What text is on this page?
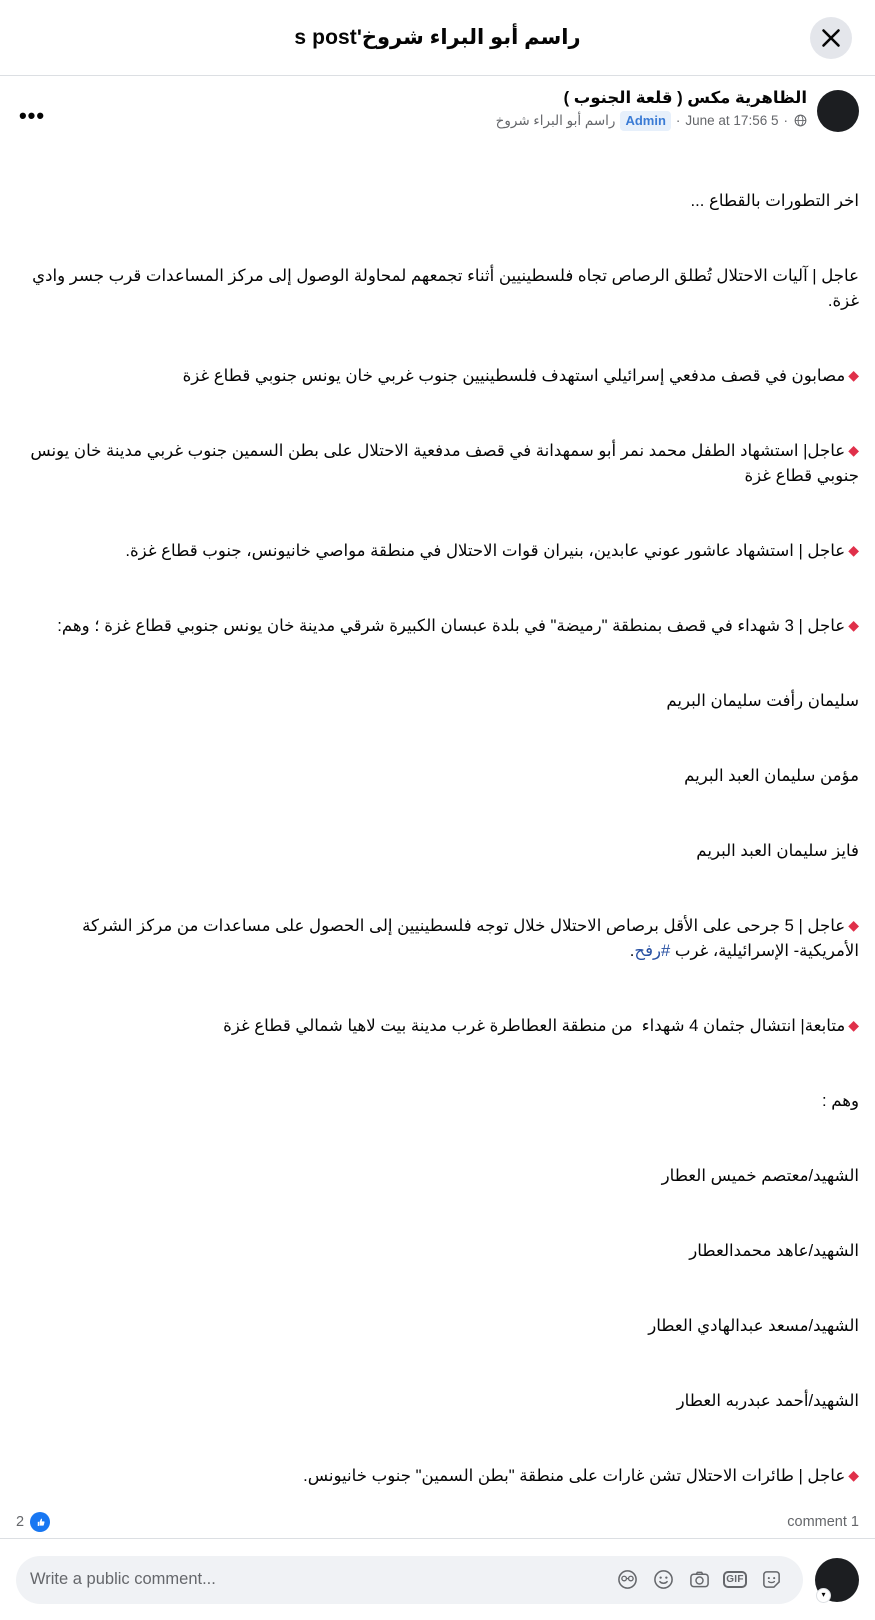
راسم أبو البراء شروخ's post
الظاهرية مكس ( قلعة الجنوب )
·
5 June at 17:56
·
Admin
راسم أبو البراء شروخ
•••

اخر التطورات بالقطاع ...

عاجل | آليات الاحتلال تُطلق الرصاص تجاه فلسطينيين أثناء تجمعهم لمحاولة الوصول إلى مركز المساعدات قرب جسر وادي غزة.

◆مصابون في قصف مدفعي إسرائيلي استهدف فلسطينيين جنوب غربي خان يونس جنوبي قطاع غزة

◆عاجل| استشهاد الطفل محمد نمر أبو سمهدانة في قصف مدفعية الاحتلال على بطن السمين جنوب غربي مدينة خان يونس جنوبي قطاع غزة

◆عاجل | استشهاد عاشور عوني عابدين، بنيران قوات الاحتلال في منطقة مواصي خانيونس، جنوب قطاع غزة.

◆عاجل | 3 شهداء في قصف بمنطقة "رميضة" في بلدة عبسان الكبيرة شرقي مدينة خان يونس جنوبي قطاع غزة ؛ وهم:

سليمان رأفت سليمان البريم

مؤمن سليمان العبد البريم

فايز سليمان العبد البريم

◆عاجل | 5 جرحى على الأقل برصاص الاحتلال خلال توجه فلسطينيين إلى الحصول على مساعدات من مركز الشركة الأمريكية- الإسرائيلية، غرب #رفح.

◆متابعة| انتشال جثمان 4 شهداء  من منطقة العطاطرة غرب مدينة بيت لاهيا شمالي قطاع غزة

وهم :

الشهيد/معتصم خميس العطار

الشهيد/عاهد محمدالعطار

الشهيد/مسعد عبدالهادي العطار

الشهيد/أحمد عبدربه العطار

◆عاجل | طائرات الاحتلال تشن غارات على منطقة "بطن السمين" جنوب خانيونس.

2	1 comment
▾
Write a public comment...
GIF
